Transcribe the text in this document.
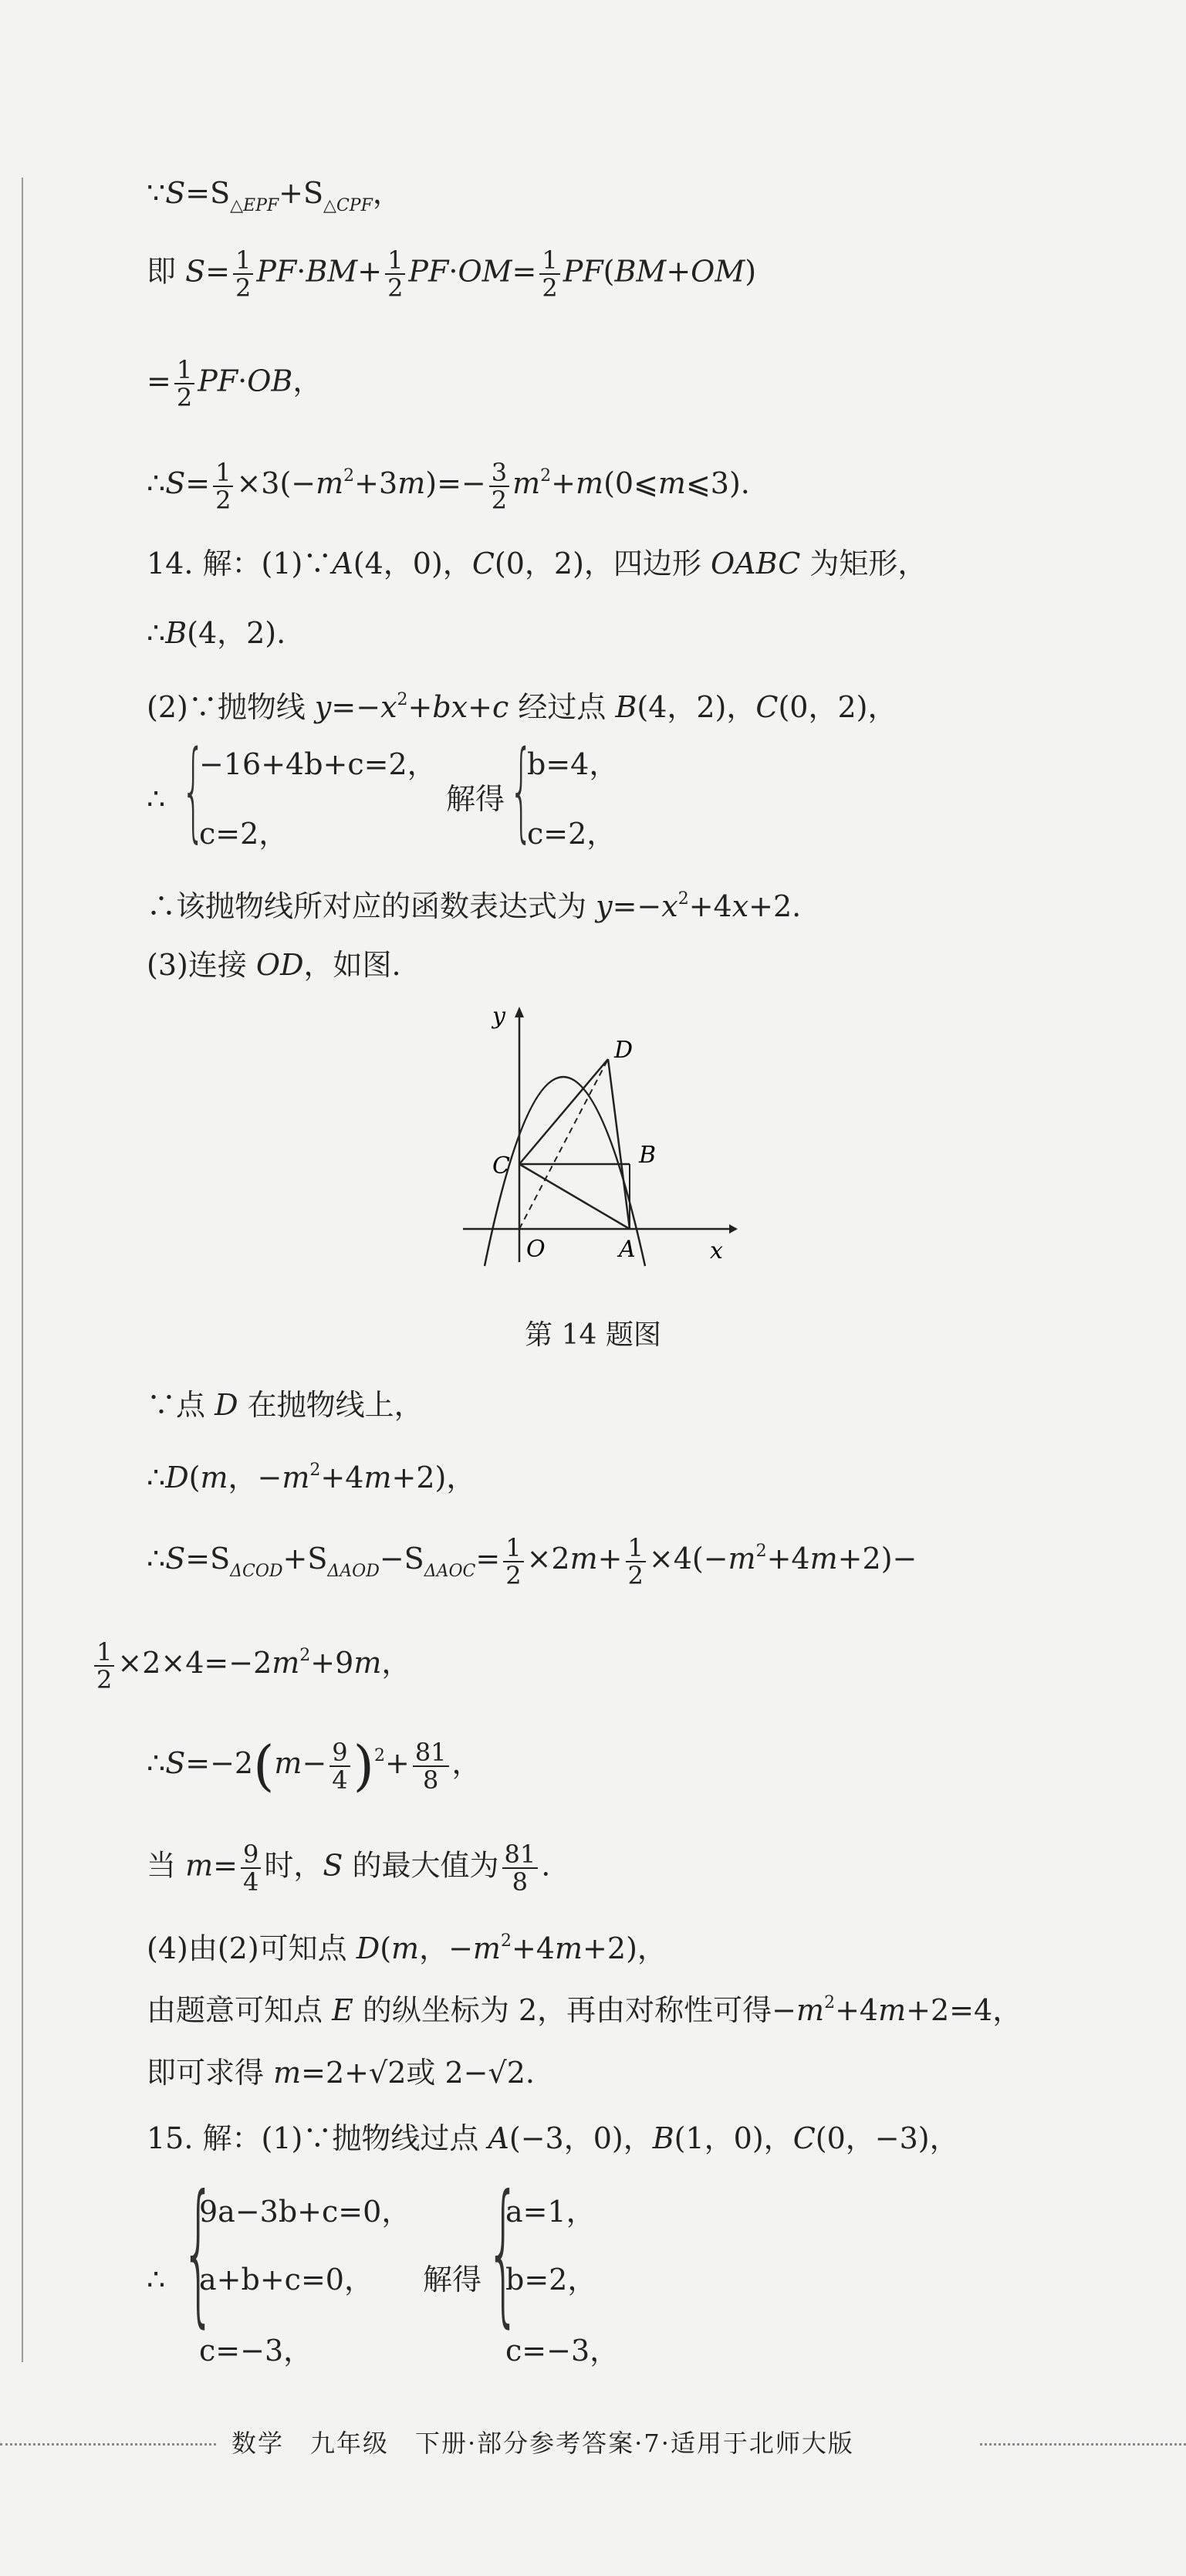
$\because S=S_{\triangle EPF}+S_{\triangle CPF}$，
即 $S= \frac{1}{2} PF\cdot BM+ \frac{1}{2} PF\cdot OM= \frac{1}{2} PF(BM+OM)$
= $\frac{1}{2} PF\cdot OB$，
∴S= $\frac{1}{2} \times 3(-m^2+3m)=- \frac{3}{2}$ $m^2+m(0⩽m⩽3)$.
14. 解：(1)∵A(4，0)，C(0，2)，四边形 OABC 为矩形，
∴B(4，2).
(2)∵抛物线 $y=-x^2+bx+c$ 经过点 B(4，2)，C(0，2)，
∴ {
−16+4b+c=2，
c=2，
解得 {
b=4，
c=2，
∴该抛物线所对应的函数表达式为 $y=-x^2+4x+2$.
(3)连接 OD，如图.
y
x
O	A
B
C
D
第 14 题图
∵点 D 在抛物线上，
∴D(m，$-m^2+4m+2$)，
$\therefore S=S_{\Delta COD}+S_{\Delta AOD}-S_{\Delta AOC}= \frac{1}{2} \times 2m+ \frac{1}{2} \times 4(-m^2+4m+2)-$
$\frac{1}{2} \times 2\times 4=-2m^2+9m$，
∴S=−2(m− $\frac{9}{4} )^2+ \frac{81}{8}$ ，
当 $m= \frac{9}{4}$ 时，S 的最大值为 $\frac{81}{8}$ .
(4)由(2)可知点 D(m，$-m^2+4m+2$)，
由题意可知点 E 的纵坐标为 2，再由对称性可得$-m^2+4m+2=4$，
即可求得 m=2+√2或 2−√2.
15. 解：(1)∵抛物线过点 A(−3，0)，B(1，0)，C(0，−3)，
∴ {
9a−3b+c=0，
a+b+c=0，
c=−3，
解得 {
a=1，
b=2，
c=−3，
数学　九年级　下册·部分参考答案·7·适用于北师大版
